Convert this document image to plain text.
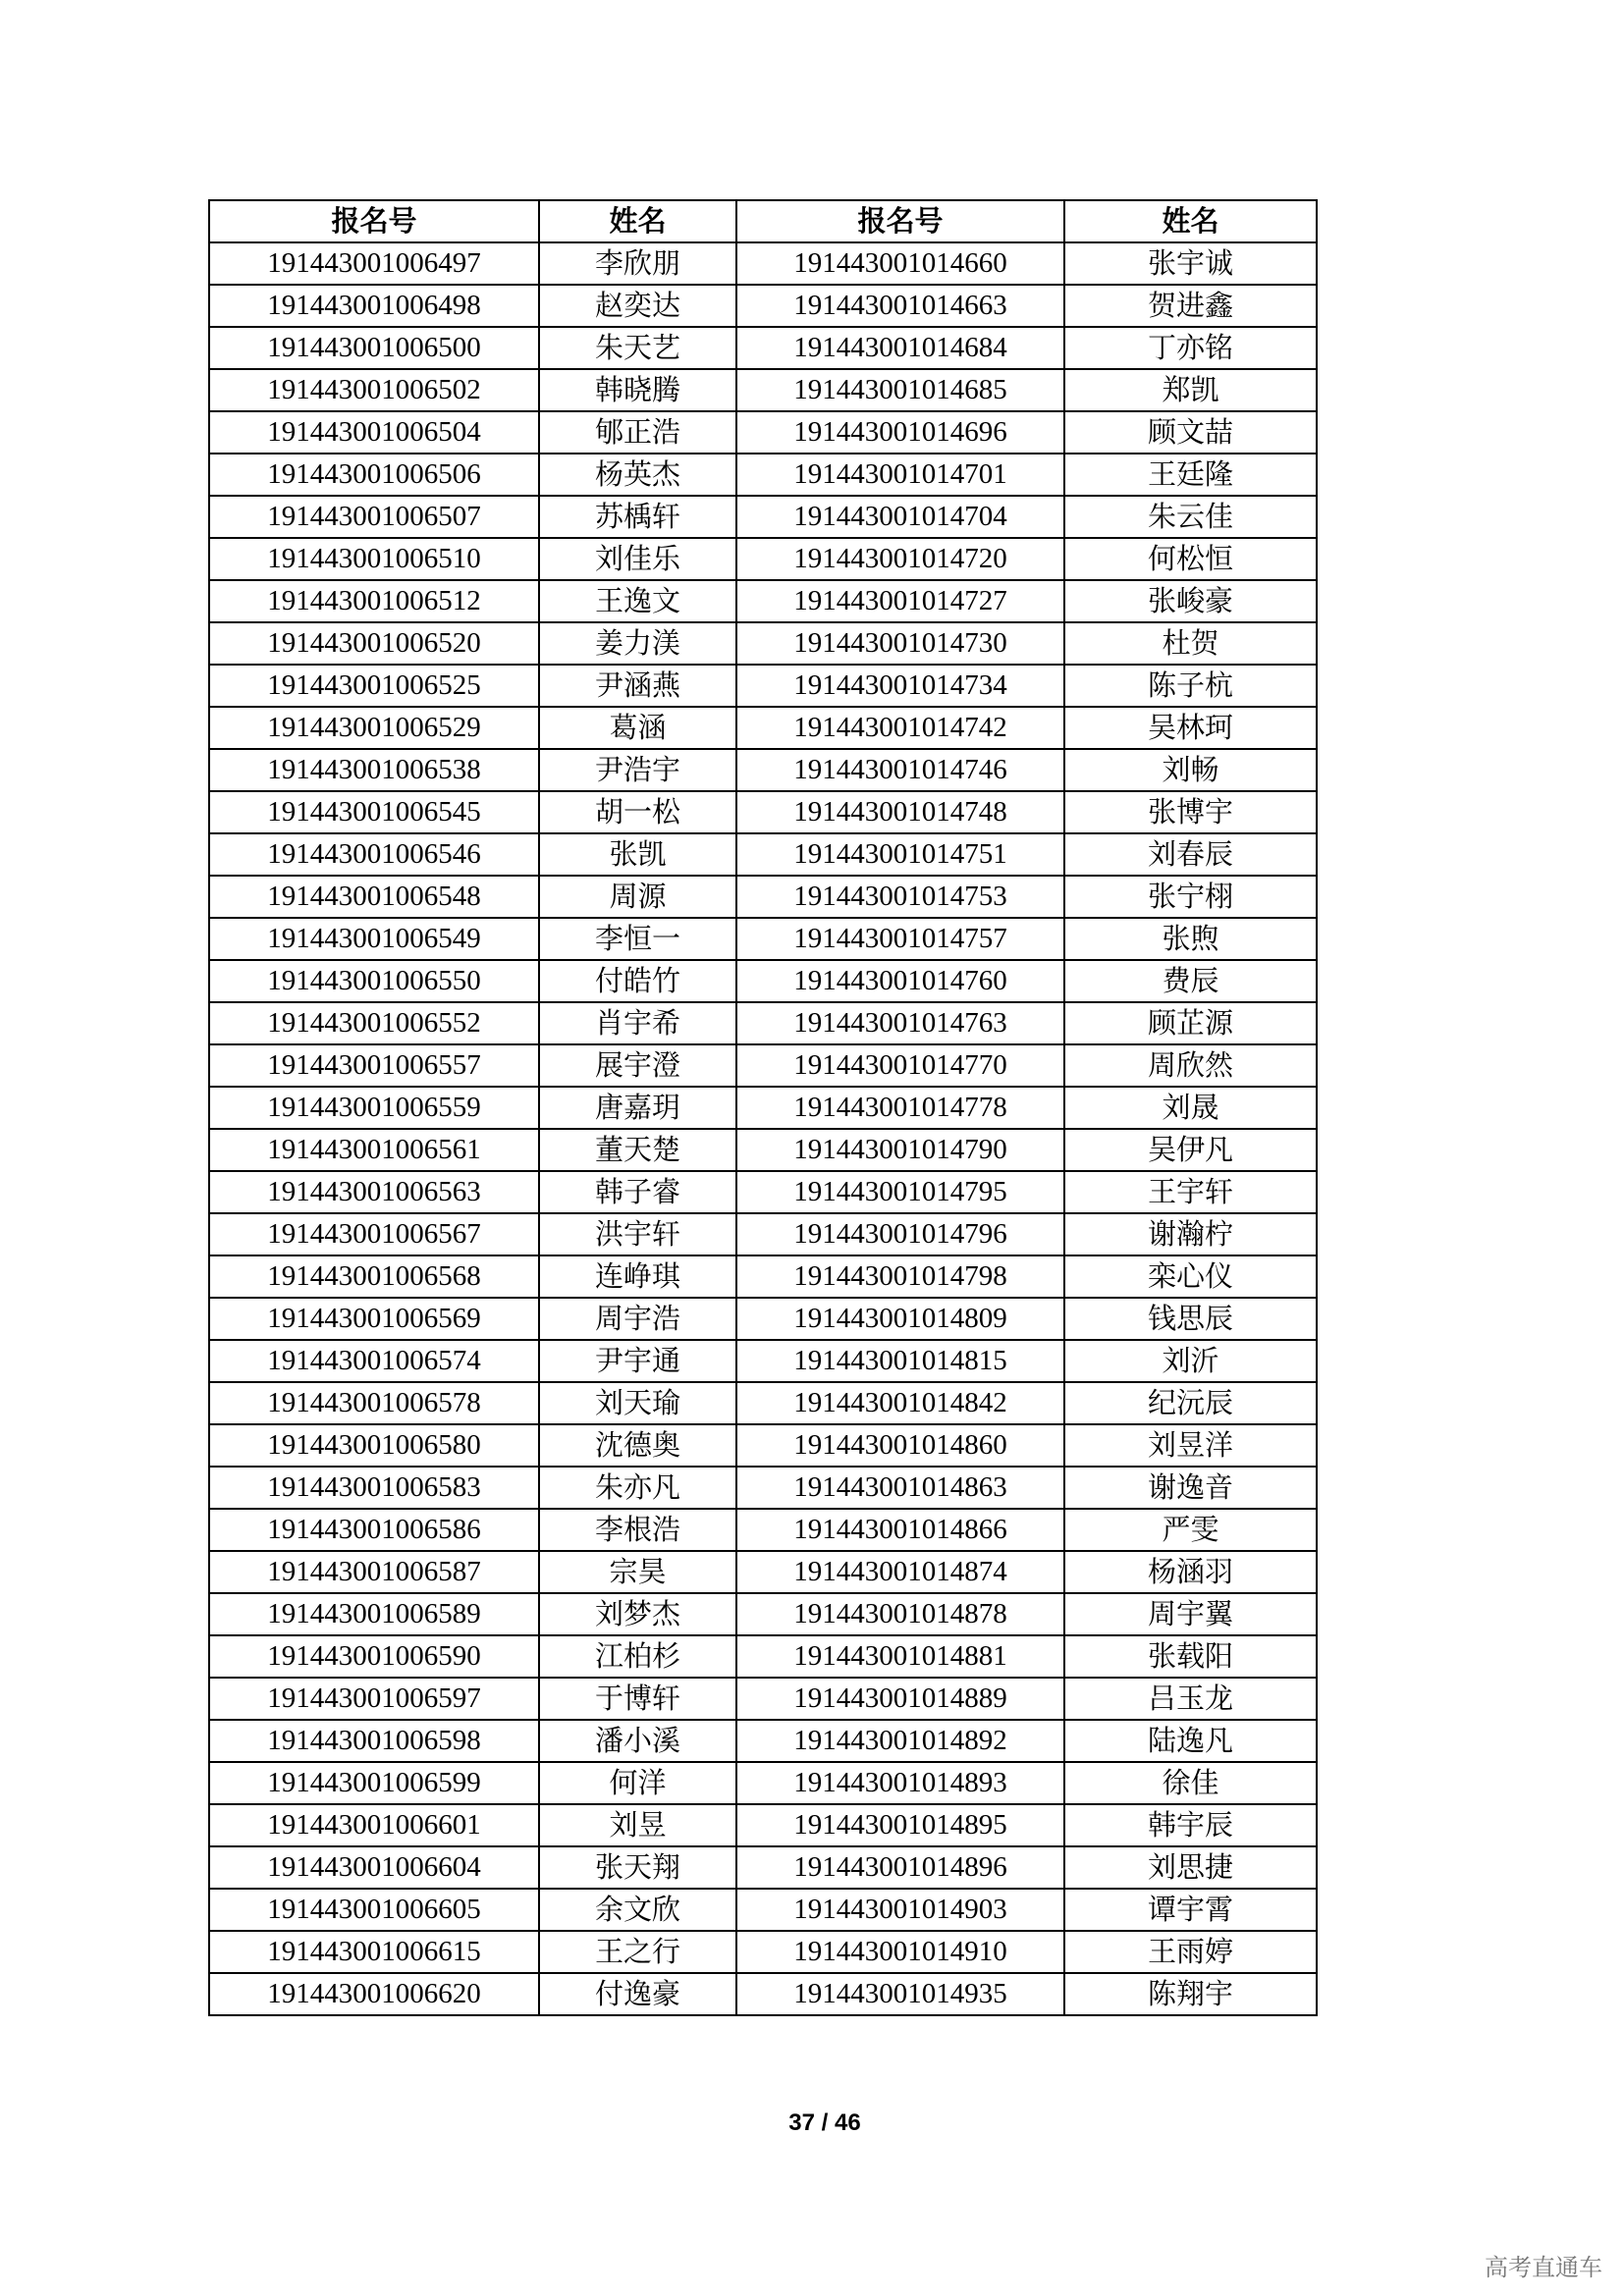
报名号	姓名	报名号	姓名
191443001006497	李欣朋	191443001014660	张宇诚
191443001006498	赵奕达	191443001014663	贺进鑫
191443001006500	朱天艺	191443001014684	丁亦铭
191443001006502	韩晓腾	191443001014685	郑凯
191443001006504	郇正浩	191443001014696	顾文喆
191443001006506	杨英杰	191443001014701	王廷隆
191443001006507	苏楀轩	191443001014704	朱云佳
191443001006510	刘佳乐	191443001014720	何松恒
191443001006512	王逸文	191443001014727	张峻豪
191443001006520	姜力渼	191443001014730	杜贺
191443001006525	尹涵燕	191443001014734	陈子杭
191443001006529	葛涵	191443001014742	吴林珂
191443001006538	尹浩宇	191443001014746	刘畅
191443001006545	胡一松	191443001014748	张博宇
191443001006546	张凯	191443001014751	刘春辰
191443001006548	周源	191443001014753	张宁栩
191443001006549	李恒一	191443001014757	张煦
191443001006550	付皓竹	191443001014760	费辰
191443001006552	肖宇希	191443001014763	顾芷源
191443001006557	展宇澄	191443001014770	周欣然
191443001006559	唐嘉玥	191443001014778	刘晟
191443001006561	董天楚	191443001014790	吴伊凡
191443001006563	韩子睿	191443001014795	王宇轩
191443001006567	洪宇轩	191443001014796	谢瀚柠
191443001006568	连峥琪	191443001014798	栾心仪
191443001006569	周宇浩	191443001014809	钱思辰
191443001006574	尹宇通	191443001014815	刘沂
191443001006578	刘天瑜	191443001014842	纪沅辰
191443001006580	沈德奥	191443001014860	刘昱洋
191443001006583	朱亦凡	191443001014863	谢逸音
191443001006586	李根浩	191443001014866	严雯
191443001006587	宗昊	191443001014874	杨涵羽
191443001006589	刘梦杰	191443001014878	周宇翼
191443001006590	江柏杉	191443001014881	张载阳
191443001006597	于博轩	191443001014889	吕玉龙
191443001006598	潘小溪	191443001014892	陆逸凡
191443001006599	何洋	191443001014893	徐佳
191443001006601	刘昱	191443001014895	韩宇辰
191443001006604	张天翔	191443001014896	刘思捷
191443001006605	余文欣	191443001014903	谭宇霄
191443001006615	王之行	191443001014910	王雨婷
191443001006620	付逸豪	191443001014935	陈翔宇
37 / 46
高考直通车
